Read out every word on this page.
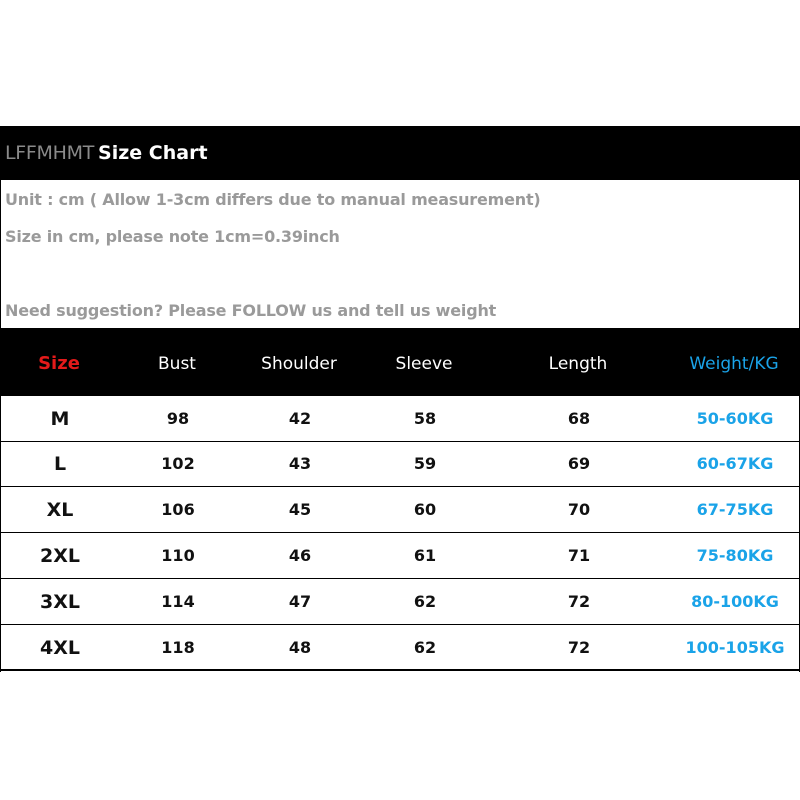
LFFMHMT Size Chart
Unit : cm ( Allow 1-3cm differs due to manual measurement)
Size in cm, please note 1cm=0.39inch
Need suggestion? Please FOLLOW us and tell us weight
Size	Bust	Shoulder	Sleeve	Length	Weight/KG
M	98	42	58	68	50-60KG
L	102	43	59	69	60-67KG
XL	106	45	60	70	67-75KG
2XL	110	46	61	71	75-80KG
3XL	114	47	62	72	80-100KG
4XL	118	48	62	72	100-105KG
